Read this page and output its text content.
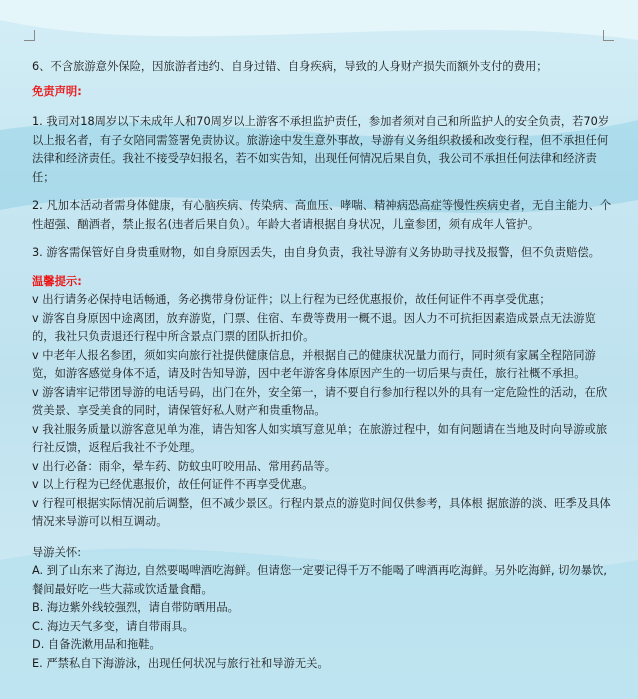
6、不含旅游意外保险，因旅游者违约、自身过错、自身疾病，导致的人身财产损失而额外支付的费用；

免责声明:

1. 我司对18周岁以下未成年人和70周岁以上游客不承担监护责任，参加者须对自己和所监护人的安全负责，若70岁以上报名者，有子女陪同需签署免责协议。旅游途中发生意外事故，导游有义务组织救援和改变行程，但不承担任何法律和经济责任。我社不接受孕妇报名，若不如实告知，出现任何情况后果自负，我公司不承担任何法律和经济责任；

2. 凡加本活动者需身体健康，有心脑疾病、传染病、高血压、哮喘、精神病恐高症等慢性疾病史者，无自主能力、个性超强、酗酒者，禁止报名(违者后果自负）。年龄大者请根据自身状况，儿童参团，须有成年人管护。

3. 游客需保管好自身贵重财物，如自身原因丢失，由自身负责，我社导游有义务协助寻找及报警，但不负责赔偿。

温馨提示:

v 出行请务必保持电话畅通，务必携带身份证件；以上行程为已经优惠报价，故任何证件不再享受优惠；

v 游客自身原因中途离团，放弃游览，门票、住宿、车费等费用一概不退。因人力不可抗拒因素造成景点无法游览的，我社只负责退还行程中所含景点门票的团队折扣价。

v 中老年人报名参团，须如实向旅行社提供健康信息，并根据自己的健康状况量力而行，同时须有家属全程陪同游览，如游客感觉身体不适，请及时告知导游，因中老年游客身体原因产生的一切后果与责任，旅行社概不承担。

v 游客请牢记带团导游的电话号码，出门在外，安全第一，请不要自行参加行程以外的具有一定危险性的活动，在欣赏美景、享受美食的同时，请保管好私人财产和贵重物品。

v 我社服务质量以游客意见单为准，请告知客人如实填写意见单；在旅游过程中，如有问题请在当地及时向导游或旅行社反馈，返程后我社不予处理。

v 出行必备：雨伞，晕车药、防蚊虫叮咬用品、常用药品等。

v 以上行程为已经优惠报价，故任何证件不再享受优惠。

v 行程可根据实际情况前后调整，但不减少景区。行程内景点的游览时间仅供参考，具体根 据旅游的淡、旺季及具体情况来导游可以相互调动。

导游关怀:

A. 到了山东来了海边, 自然要喝啤酒吃海鲜。但请您一定要记得千万不能喝了啤酒再吃海鲜。另外吃海鲜, 切勿暴饮, 餐间最好吃一些大蒜或饮适量食醋。

B. 海边紫外线较强烈，请自带防晒用品。

C. 海边天气多变，请自带雨具。

D. 自备洗漱用品和拖鞋。

E. 严禁私自下海游泳，出现任何状况与旅行社和导游无关。
